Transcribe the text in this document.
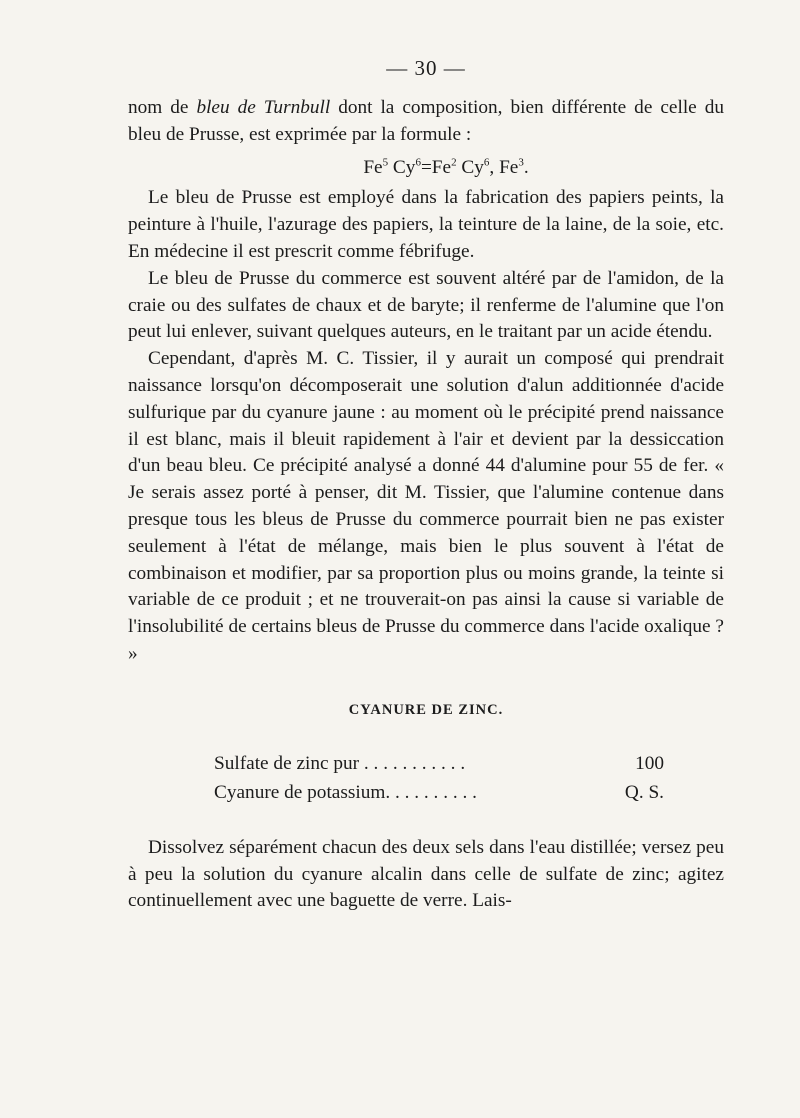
— 30 —

nom de bleu de Turnbull dont la composition, bien différente de celle du bleu de Prusse, est exprimée par la formule :

Fe$^5$ $Cy^6=Fe^2$ Cy$^6$, Fe$^3$.

Le bleu de Prusse est employé dans la fabrication des papiers peints, la peinture à l'huile, l'azurage des papiers, la teinture de la laine, de la soie, etc. En médecine il est prescrit comme fébrifuge.

Le bleu de Prusse du commerce est souvent altéré par de l'amidon, de la craie ou des sulfates de chaux et de baryte; il renferme de l'alumine que l'on peut lui enlever, suivant quelques auteurs, en le traitant par un acide étendu.

Cependant, d'après M. C. Tissier, il y aurait un composé qui prendrait naissance lorsqu'on décomposerait une solution d'alun additionnée d'acide sulfurique par du cyanure jaune : au moment où le précipité prend naissance il est blanc, mais il bleuit rapidement à l'air et devient par la dessiccation d'un beau bleu. Ce précipité analysé a donné 44 d'alumine pour 55 de fer. « Je serais assez porté à penser, dit M. Tissier, que l'alumine contenue dans presque tous les bleus de Prusse du commerce pourrait bien ne pas exister seulement à l'état de mélange, mais bien le plus souvent à l'état de combinaison et modifier, par sa proportion plus ou moins grande, la teinte si variable de ce produit ; et ne trouverait-on pas ainsi la cause si variable de l'insolubilité de certains bleus de Prusse du commerce dans l'acide oxalique ? »

CYANURE DE ZINC.
Sulfate de zinc pur . . . . . . . . . . .	100
Cyanure de potassium. . . . . . . . . .	Q. S.

Dissolvez séparément chacun des deux sels dans l'eau distillée; versez peu à peu la solution du cyanure alcalin dans celle de sulfate de zinc; agitez continuellement avec une baguette de verre. Lais-
